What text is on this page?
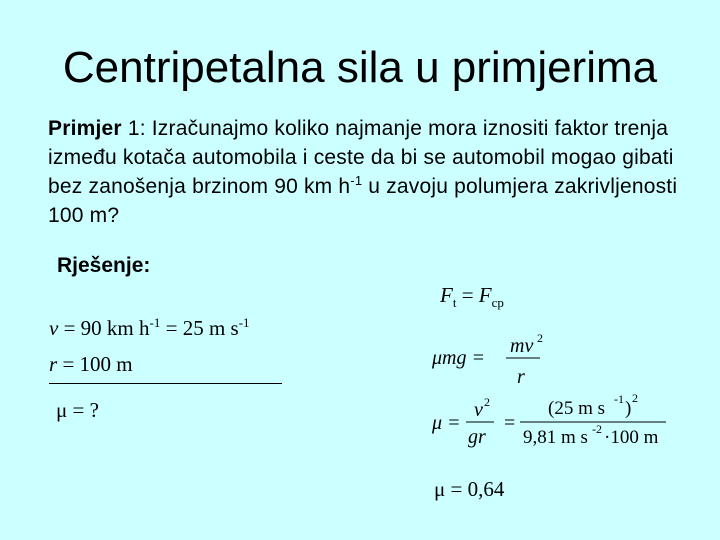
Centripetalna sila u primjerima
Primjer 1: Izračunajmo koliko najmanje mora iznositi faktor trenja između kotača automobila i ceste da bi se automobil mogao gibati bez zanošenja brzinom 90 km $h^{-1}$ u zavoju polumjera zakrivljenosti 100 m?
Rješenje:
$F_t = F_{cp}$
v = 90 km $h^{-1} = 25$ m $s^{-1}$
r = 100 m
μ = ?
μmg =
mv 2
r
μ =
v 2
gr
=
(25 m s -1 ) 2
9,81 m s -2 ·100 m
μ = 0,64
